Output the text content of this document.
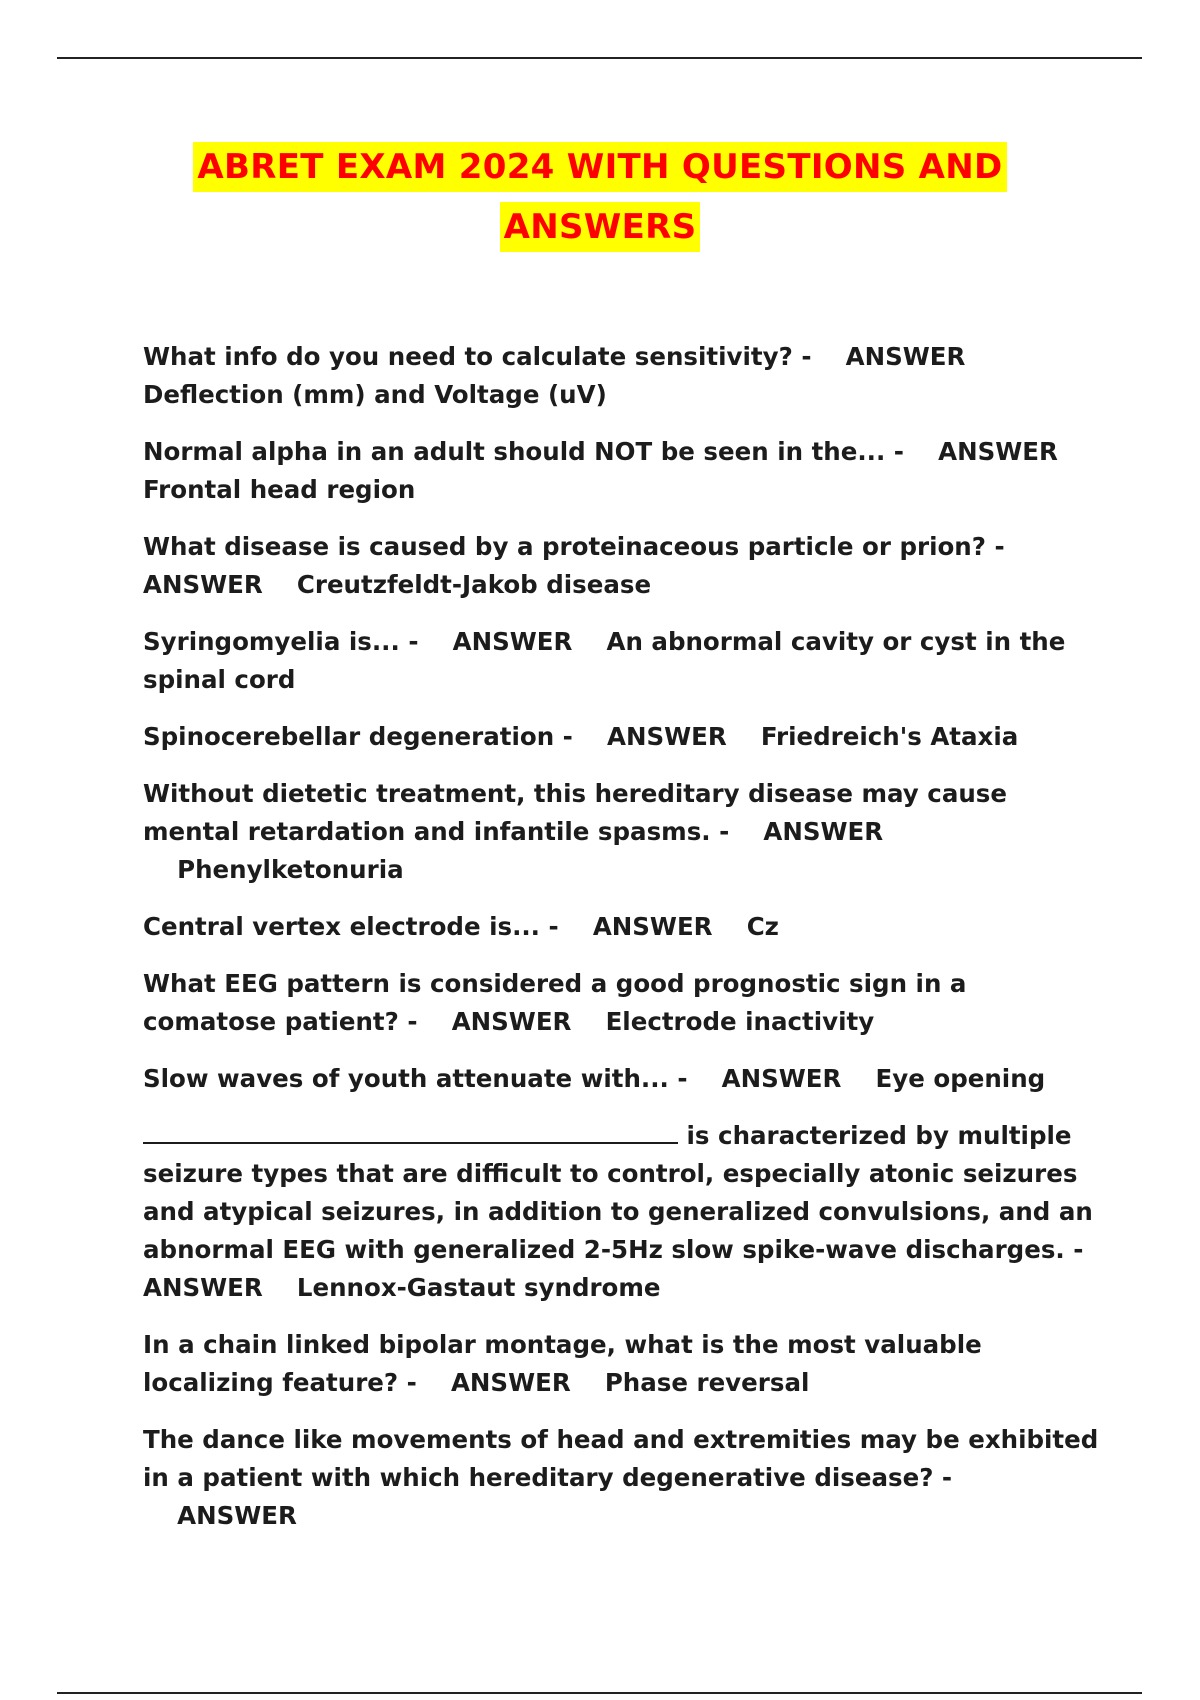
ABRET EXAM 2024 WITH QUESTIONS AND
ANSWERS

What info do you need to calculate sensitivity? - ANSWER
Deflection (mm) and Voltage (uV)

Normal alpha in an adult should NOT be seen in the... - ANSWER
Frontal head region

What disease is caused by a proteinaceous particle or prion? -
ANSWER Creutzfeldt-Jakob disease

Syringomyelia is... - ANSWER An abnormal cavity or cyst in the spinal cord

Spinocerebellar degeneration - ANSWER Friedreich's Ataxia

Without dietetic treatment, this hereditary disease may cause mental retardation and infantile spasms. - ANSWER    Phenylketonuria

Central vertex electrode is... - ANSWER Cz

What EEG pattern is considered a good prognostic sign in a comatose patient? - ANSWER Electrode inactivity

Slow waves of youth attenuate with... - ANSWER Eye opening

is characterized by multiple seizure types that are difficult to control, especially atonic seizures and atypical seizures, in addition to generalized convulsions, and an abnormal EEG with generalized 2-5Hz slow spike-wave discharges. -
ANSWER Lennox-Gastaut syndrome

In a chain linked bipolar montage, what is the most valuable localizing feature? - ANSWER Phase reversal

The dance like movements of head and extremities may be exhibited in a patient with which hereditary degenerative disease? -    ANSWER
